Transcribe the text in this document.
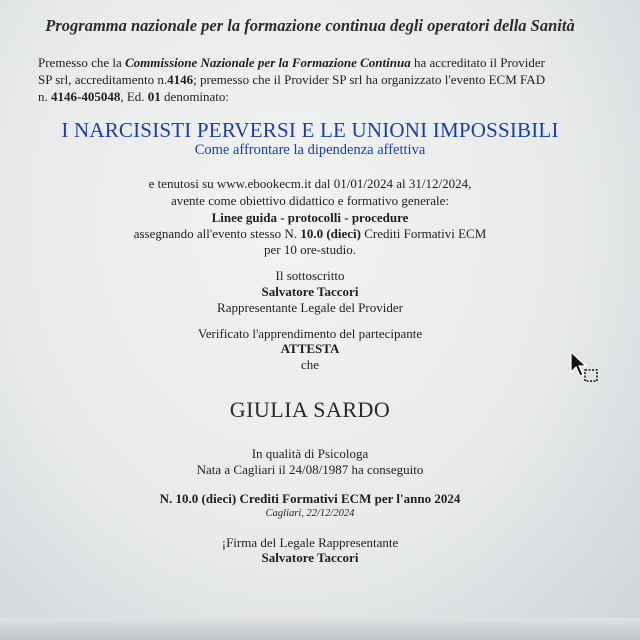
Programma nazionale per la formazione continua degli operatori della Sanità
Premesso che la Commissione Nazionale per la Formazione Continua ha accreditato il Provider
SP srl, accreditamento n.4146; premesso che il Provider SP srl ha organizzato l'evento ECM FAD
n. 4146-405048, Ed. 01 denominato:
I NARCISISTI PERVERSI E LE UNIONI IMPOSSIBILI
Come affrontare la dipendenza affettiva
e tenutosi su www.ebookecm.it dal 01/01/2024 al 31/12/2024,
avente come obiettivo didattico e formativo generale:
Linee guida - protocolli - procedure
assegnando all'evento stesso N. 10.0 (dieci) Crediti Formativi ECM
per 10 ore-studio.
Il sottoscritto
Salvatore Taccori
Rappresentante Legale del Provider
Verificato l'apprendimento del partecipante
ATTESTA
che
GIULIA SARDO
In qualità di Psicologa
Nata a Cagliari il 24/08/1987 ha conseguito
N. 10.0 (dieci) Crediti Formativi ECM per l'anno 2024
Cagliari, 22/12/2024
¡Firma del Legale Rappresentante
Salvatore Taccori
